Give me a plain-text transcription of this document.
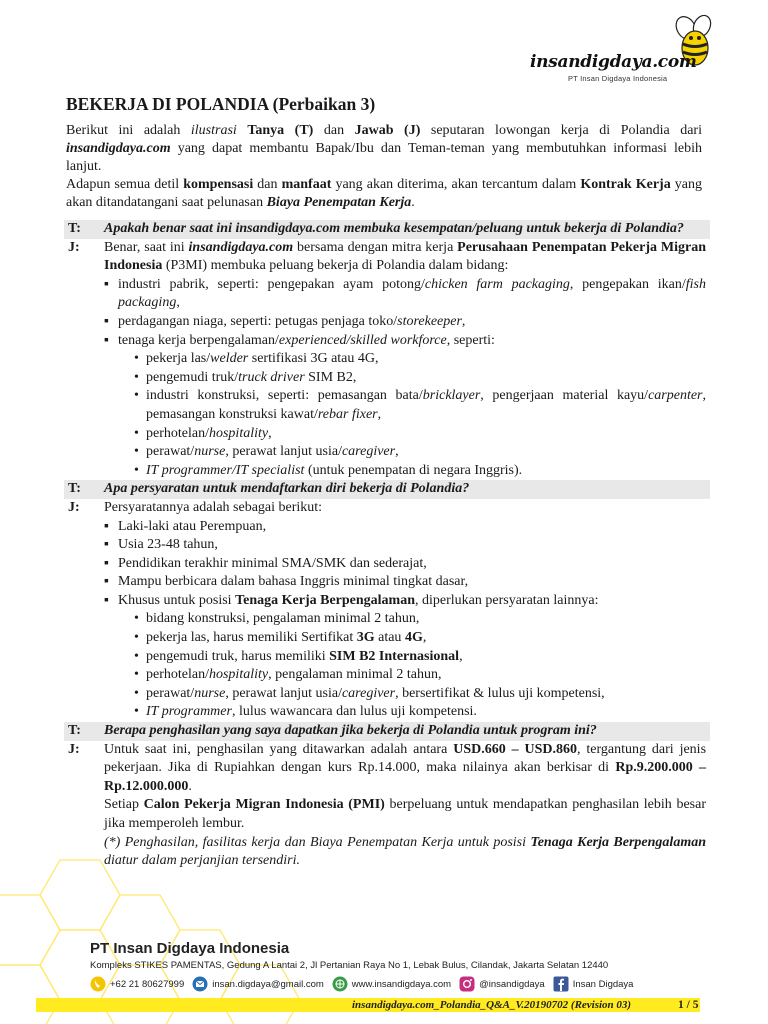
insandigdaya.com
PT Insan Digdaya Indonesia
BEKERJA DI POLANDIA (Perbaikan 3)

Berikut ini adalah ilustrasi Tanya (T) dan Jawab (J) seputaran lowongan kerja di Polandia dari insandigdaya.com yang dapat membantu Bapak/Ibu dan Teman-teman yang membutuhkan informasi lebih lanjut.

Adapun semua detil kompensasi dan manfaat yang akan diterima, akan tercantum dalam Kontrak Kerja yang akan ditandatangani saat pelunasan Biaya Penempatan Kerja.

T:	Apakah benar saat ini insandigdaya.com membuka kesempatan/peluang untuk bekerja di Polandia?
J:	Benar, saat ini insandigdaya.com bersama dengan mitra kerja Perusahaan Penempatan Pekerja Migran Indonesia (P3MI) membuka peluang bekerja di Polandia dalam bidang:
▪ industri pabrik, seperti: pengepakan ayam potong/chicken farm packaging, pengepakan ikan/fish packaging,
▪ perdagangan niaga, seperti: petugas penjaga toko/storekeeper,
▪ tenaga kerja berpengalaman/experienced/skilled workforce, seperti:
• pekerja las/welder sertifikasi 3G atau 4G,
• pengemudi truk/truck driver SIM B2,
• industri konstruksi, seperti: pemasangan bata/bricklayer, pengerjaan material kayu/carpenter, pemasangan konstruksi kawat/rebar fixer,
• perhotelan/hospitality,
• perawat/nurse, perawat lanjut usia/caregiver,
• IT programmer/IT specialist (untuk penempatan di negara Inggris).
T:	Apa persyaratan untuk mendaftarkan diri bekerja di Polandia?
J:	Persyaratannya adalah sebagai berikut:
▪ Laki-laki atau Perempuan,
▪ Usia 23-48 tahun,
▪ Pendidikan terakhir minimal SMA/SMK dan sederajat,
▪ Mampu berbicara dalam bahasa Inggris minimal tingkat dasar,
▪ Khusus untuk posisi Tenaga Kerja Berpengalaman, diperlukan persyaratan lainnya:
• bidang konstruksi, pengalaman minimal 2 tahun,
• pekerja las, harus memiliki Sertifikat 3G atau 4G,
• pengemudi truk, harus memiliki SIM B2 Internasional,
• perhotelan/hospitality, pengalaman minimal 2 tahun,
• perawat/nurse, perawat lanjut usia/caregiver, bersertifikat & lulus uji kompetensi,
• IT programmer, lulus wawancara dan lulus uji kompetensi.
T:	Berapa penghasilan yang saya dapatkan jika bekerja di Polandia untuk program ini?
J:	Untuk saat ini, penghasilan yang ditawarkan adalah antara USD.660 – USD.860, tergantung dari jenis pekerjaan. Jika di Rupiahkan dengan kurs Rp.14.000, maka nilainya akan berkisar di Rp.9.200.000 – Rp.12.000.000.
Setiap Calon Pekerja Migran Indonesia (PMI) berpeluang untuk mendapatkan penghasilan lebih besar jika memperoleh lembur.
(*) Penghasilan, fasilitas kerja dan Biaya Penempatan Kerja untuk posisi Tenaga Kerja Berpengalaman diatur dalam perjanjian tersendiri.
PT Insan Digdaya Indonesia
Kompleks STIKES PAMENTAS, Gedung A Lantai 2, Jl Pertanian Raya No 1, Lebak Bulus, Cilandak, Jakarta Selatan 12440
+62 21 80627999	insan.digdaya@gmail.com	www.insandigdaya.com	@insandigdaya	Insan Digdaya
insandigdaya.com_Polandia_Q&A_V.20190702 (Revision 03)	1 / 5
